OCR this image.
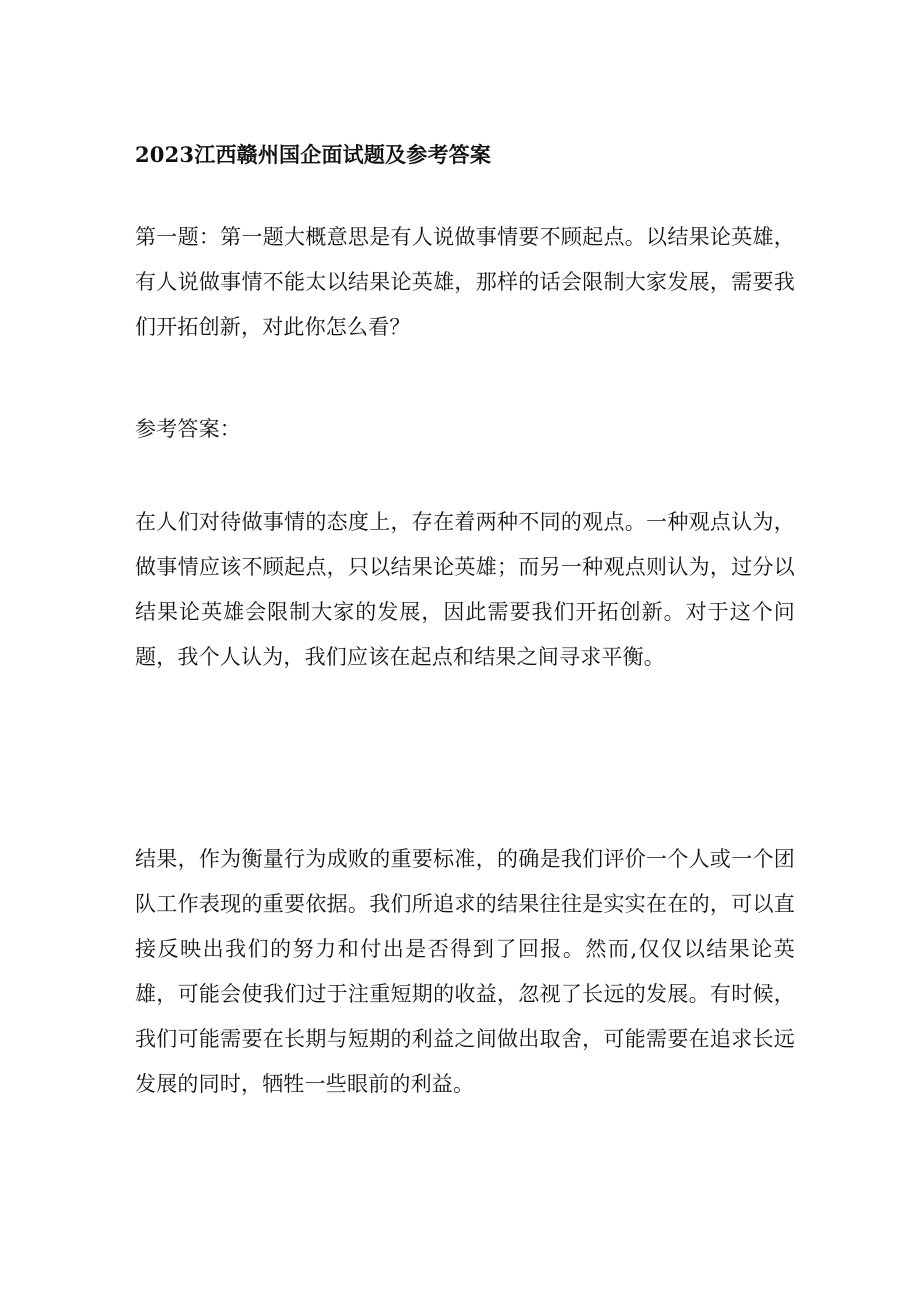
2023江西赣州国企面试题及参考答案

第一题：第一题大概意思是有人说做事情要不顾起点。以结果论英雄，有人说做事情不能太以结果论英雄，那样的话会限制大家发展，需要我们开拓创新，对此你怎么看？

参考答案：

在人们对待做事情的态度上，存在着两种不同的观点。一种观点认为，做事情应该不顾起点，只以结果论英雄；而另一种观点则认为，过分以结果论英雄会限制大家的发展，因此需要我们开拓创新。对于这个问题，我个人认为，我们应该在起点和结果之间寻求平衡。

结果，作为衡量行为成败的重要标准，的确是我们评价一个人或一个团队工作表现的重要依据。我们所追求的结果往往是实实在在的，可以直接反映出我们的努力和付出是否得到了回报。然而,仅仅以结果论英雄，可能会使我们过于注重短期的收益，忽视了长远的发展。有时候，我们可能需要在长期与短期的利益之间做出取舍，可能需要在追求长远发展的同时，牺牲一些眼前的利益。
